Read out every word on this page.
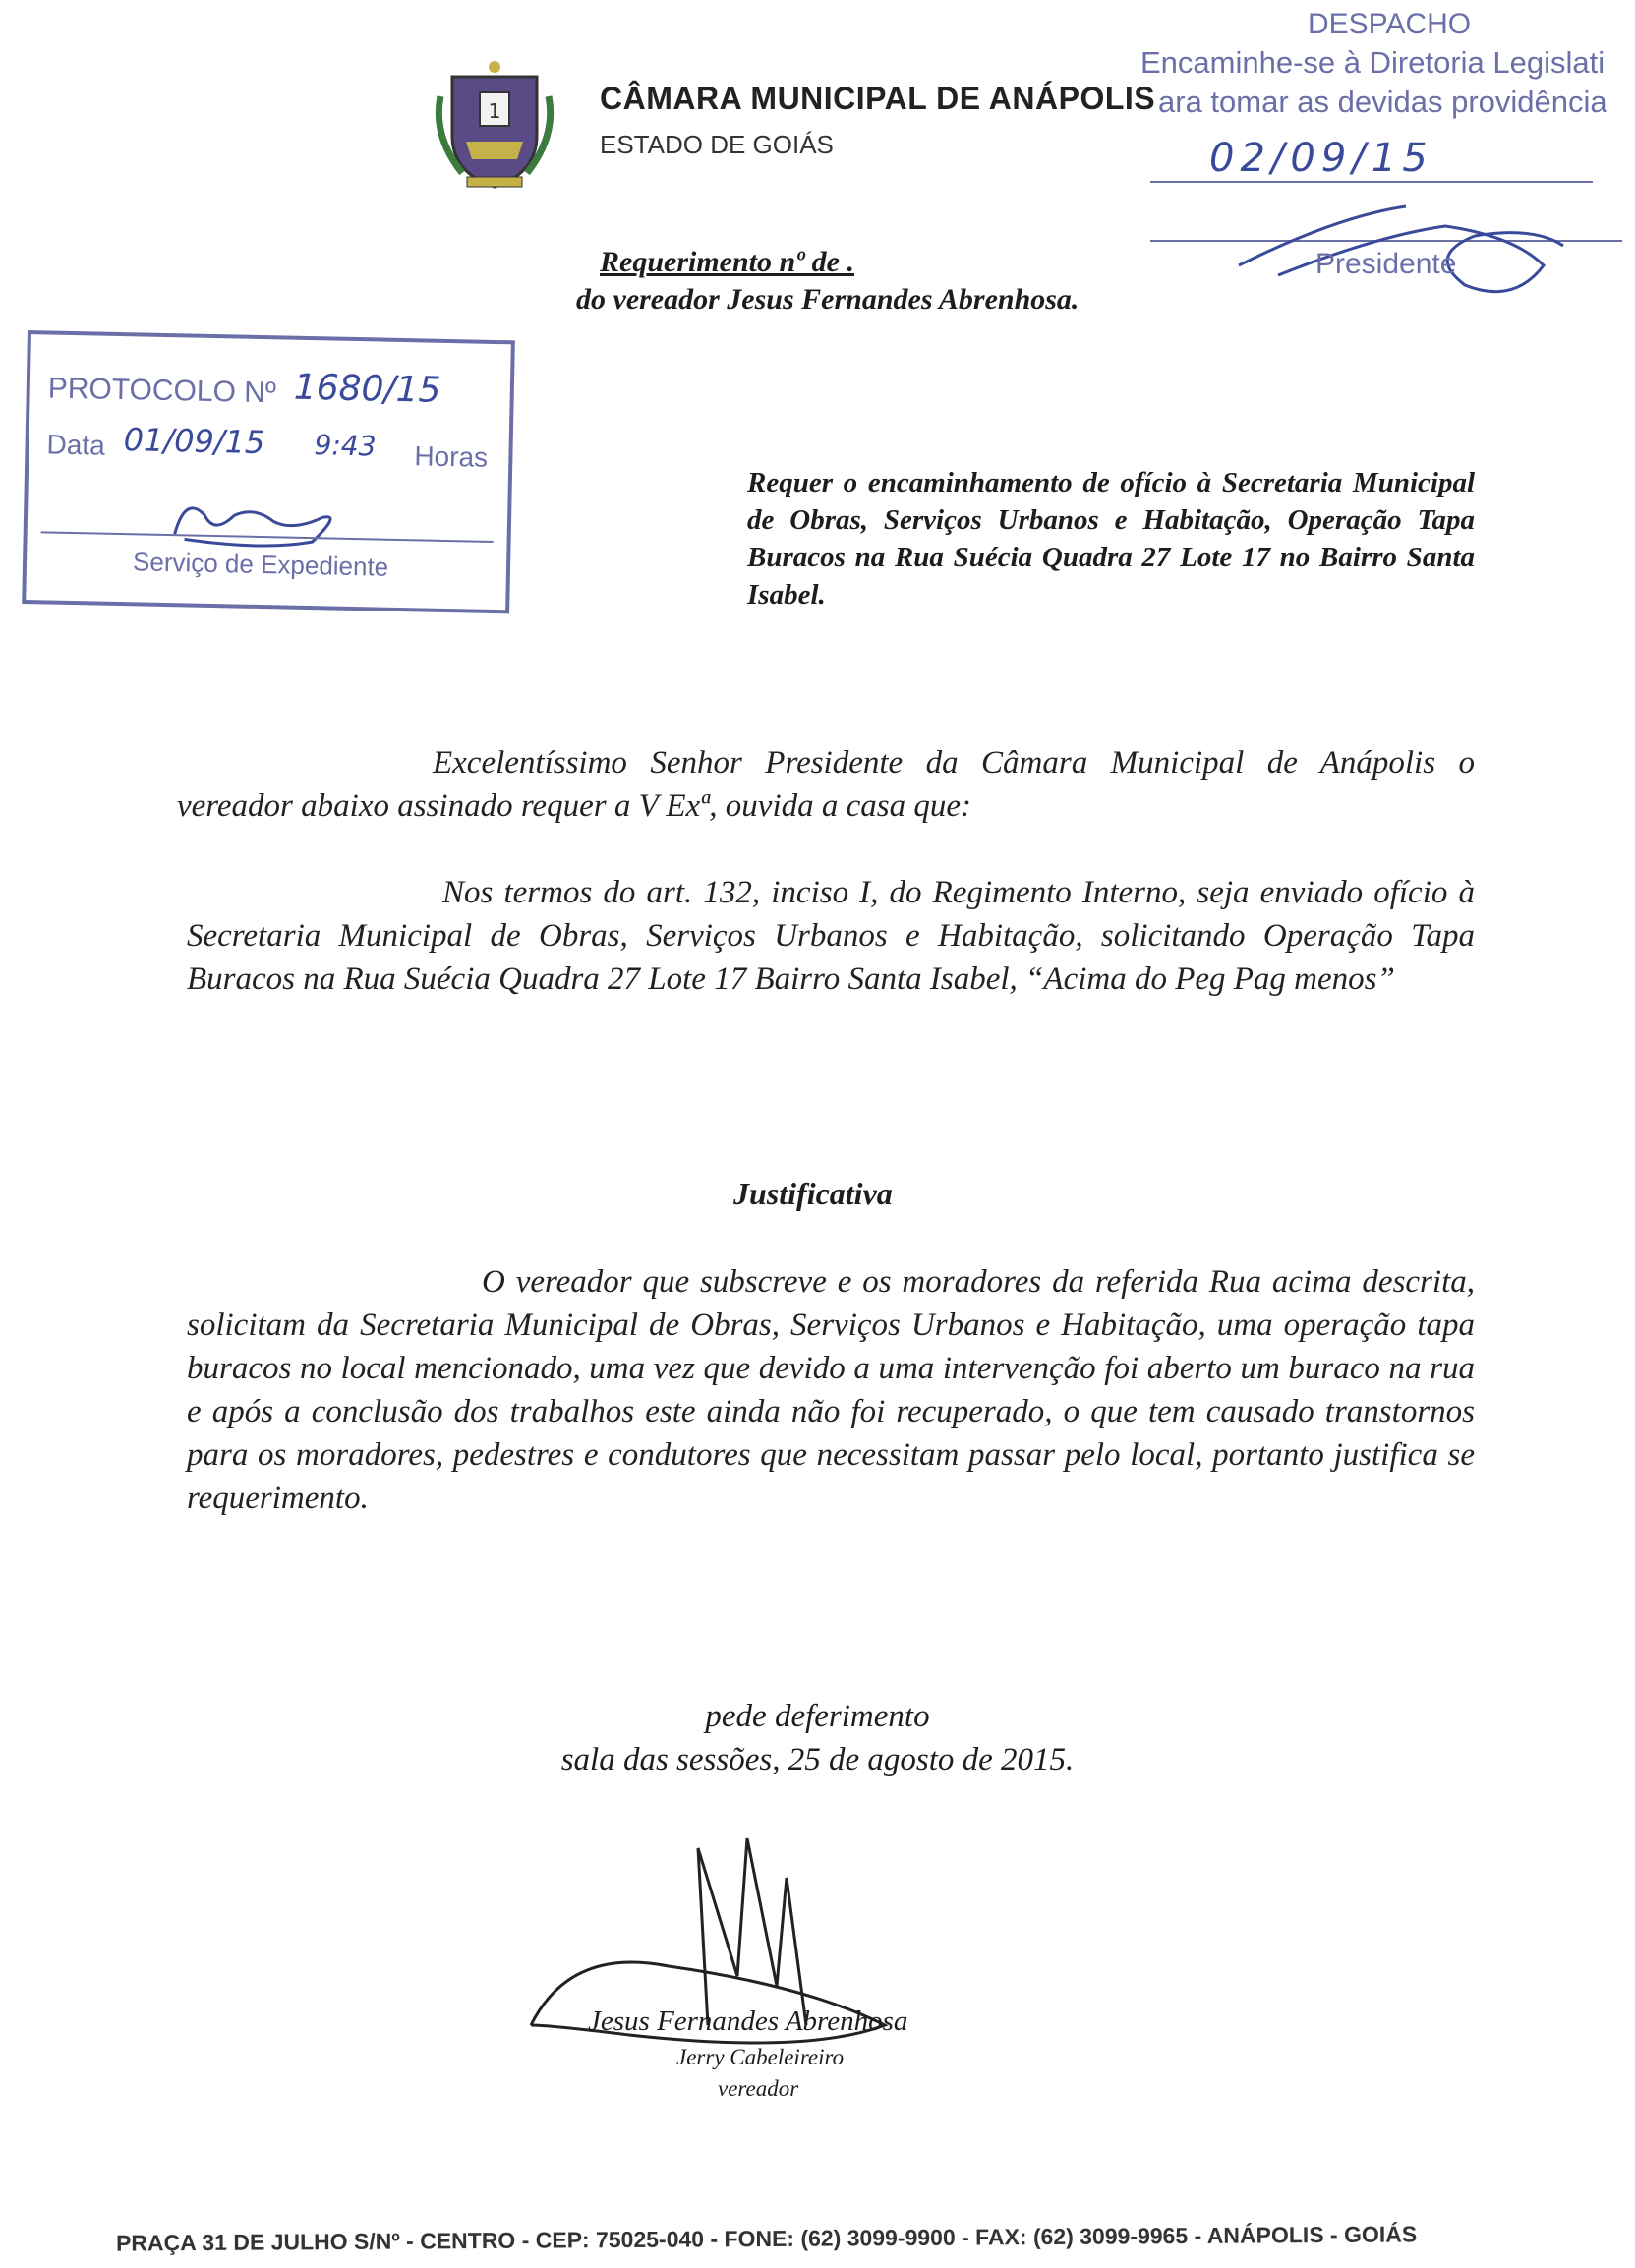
1	CÂMARA MUNICIPAL DE ANÁPOLIS
ESTADO DE GOIÁS
DESPACHO
Encaminhe-se à Diretoria Legislati
ara tomar as devidas providência
02/09/15
Presidente
Requerimento nº de .
do vereador Jesus Fernandes Abrenhosa.
PROTOCOLO Nº 1680/15
Data 01/09/15 9:43 Horas
Serviço de Expediente
Requer o encaminhamento de ofício à Secretaria Municipal de Obras, Serviços Urbanos e Habitação, Operação Tapa Buracos na Rua Suécia Quadra 27 Lote 17 no Bairro Santa Isabel.
Excelentíssimo Senhor Presidente da Câmara Municipal de Anápolis o vereador abaixo assinado requer a V Exª, ouvida a casa que:
Nos termos do art. 132, inciso I, do Regimento Interno, seja enviado ofício à Secretaria Municipal de Obras, Serviços Urbanos e Habitação, solicitando Operação Tapa Buracos na Rua Suécia Quadra 27 Lote 17 Bairro Santa Isabel, “Acima do Peg Pag menos”
Justificativa
O vereador que subscreve e os moradores da referida Rua acima descrita, solicitam da Secretaria Municipal de Obras, Serviços Urbanos e Habitação, uma operação tapa buracos no local mencionado, uma vez que devido a uma intervenção foi aberto um buraco na rua e após a conclusão dos trabalhos este ainda não foi recuperado, o que tem causado transtornos para os moradores, pedestres e condutores que necessitam passar pelo local, portanto justifica se requerimento.
pede deferimento
sala das sessões, 25 de agosto de 2015.
Jesus Fernandes Abrenhosa
Jerry Cabeleireiro
vereador
PRAÇA 31 DE JULHO S/Nº - CENTRO - CEP: 75025-040 - FONE: (62) 3099-9900 - FAX: (62) 3099-9965 - ANÁPOLIS - GOIÁS
